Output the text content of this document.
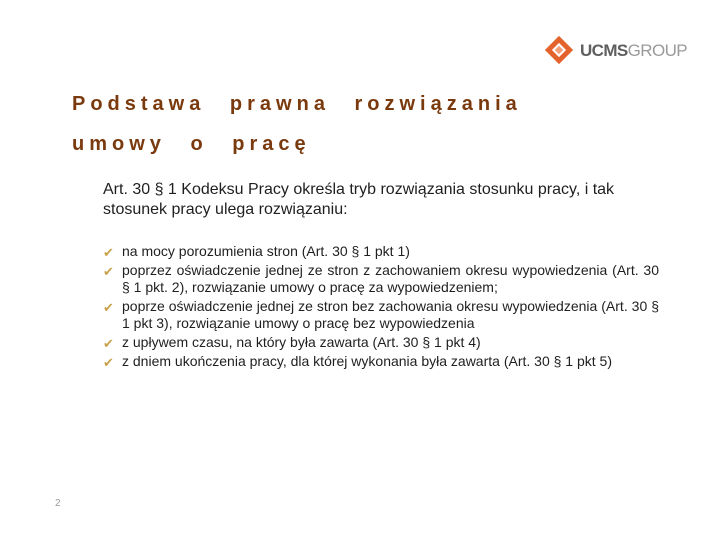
UCMSGROUP
Podstawa prawna rozwiązania
umowy o pracę

Art. 30 § 1 Kodeksu Pracy określa tryb rozwiązania stosunku pracy, i tak stosunek pracy ulega rozwiązaniu:

✔ na mocy porozumienia stron (Art. 30 § 1 pkt 1)
✔ poprzez oświadczenie jednej ze stron z zachowaniem okresu wypowiedzenia (Art. 30 § 1 pkt. 2), rozwiązanie umowy o pracę za wypowiedzeniem;
✔ poprze oświadczenie jednej ze stron bez zachowania okresu wypowiedzenia (Art. 30 § 1 pkt 3), rozwiązanie umowy o pracę bez wypowiedzenia
✔ z upływem czasu, na który była zawarta (Art. 30 § 1 pkt 4)
✔ z dniem ukończenia pracy, dla której wykonania była zawarta (Art. 30 § 1 pkt 5)
2
